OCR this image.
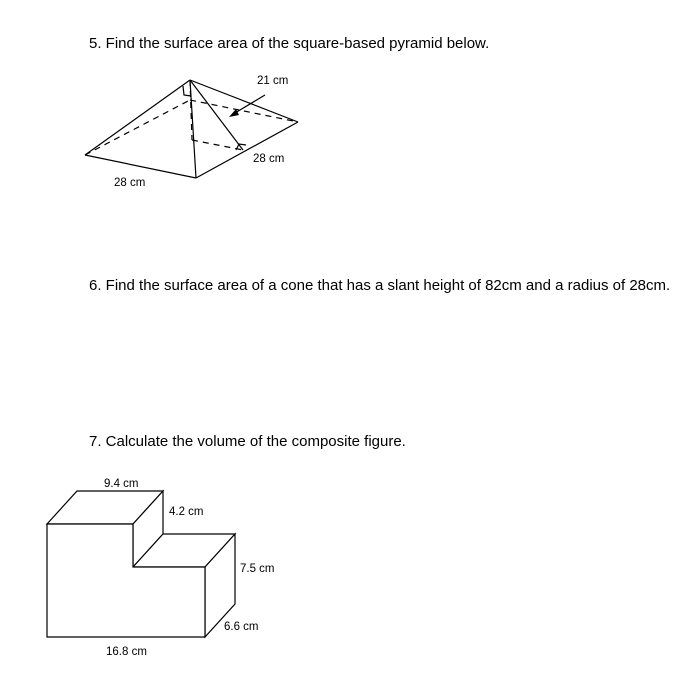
5. Find the surface area of the square-based pyramid below.

21 cm
28 cm
28 cm
9.4 cm
4.2 cm
7.5 cm
6.6 cm
16.8 cm

6. Find the surface area of a cone that has a slant height of 82cm and a radius of 28cm.

7. Calculate the volume of the composite figure.
